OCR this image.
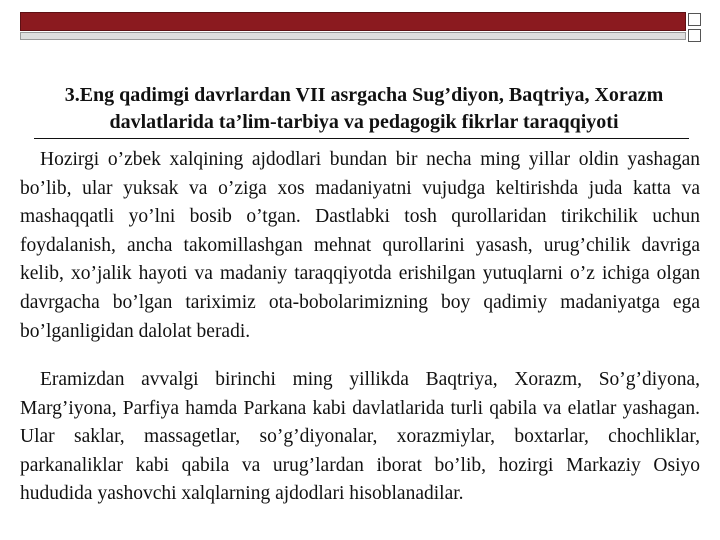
3.Eng qadimgi davrlardan VII asrgacha Sug’diyon, Baqtriya, Xorazm davlatlarida ta’lim-tarbiya va pedagogik fikrlar taraqqiyoti

Hozirgi o’zbek xalqining ajdodlari bundan bir necha ming yillar oldin yashagan bo’lib, ular yuksak va o’ziga xos madaniyatni vujudga keltirishda juda katta va mashaqqatli yo’lni bosib o’tgan. Dastlabki tosh qurollaridan tirikchilik uchun foydalanish, ancha takomillashgan mehnat qurollarini yasash, urug’chilik davriga kelib, xo’jalik hayoti va madaniy taraqqiyotda erishilgan yutuqlarni o’z ichiga olgan davrgacha bo’lgan tariximiz ota-bobolarimizning boy qadimiy madaniyatga ega bo’lganligidan dalolat beradi.

Eramizdan avvalgi birinchi ming yillikda Baqtriya, Xorazm, So’g’diyona, Marg’iyona, Parfiya hamda Parkana kabi davlatlarida turli qabila va elatlar yashagan. Ular saklar, massagetlar, so’g’diyonalar, xorazmiylar, boxtarlar, chochliklar, parkanaliklar kabi qabila va urug’lardan iborat bo’lib, hozirgi Markaziy Osiyo hududida yashovchi xalqlarning ajdodlari hisoblanadilar.
